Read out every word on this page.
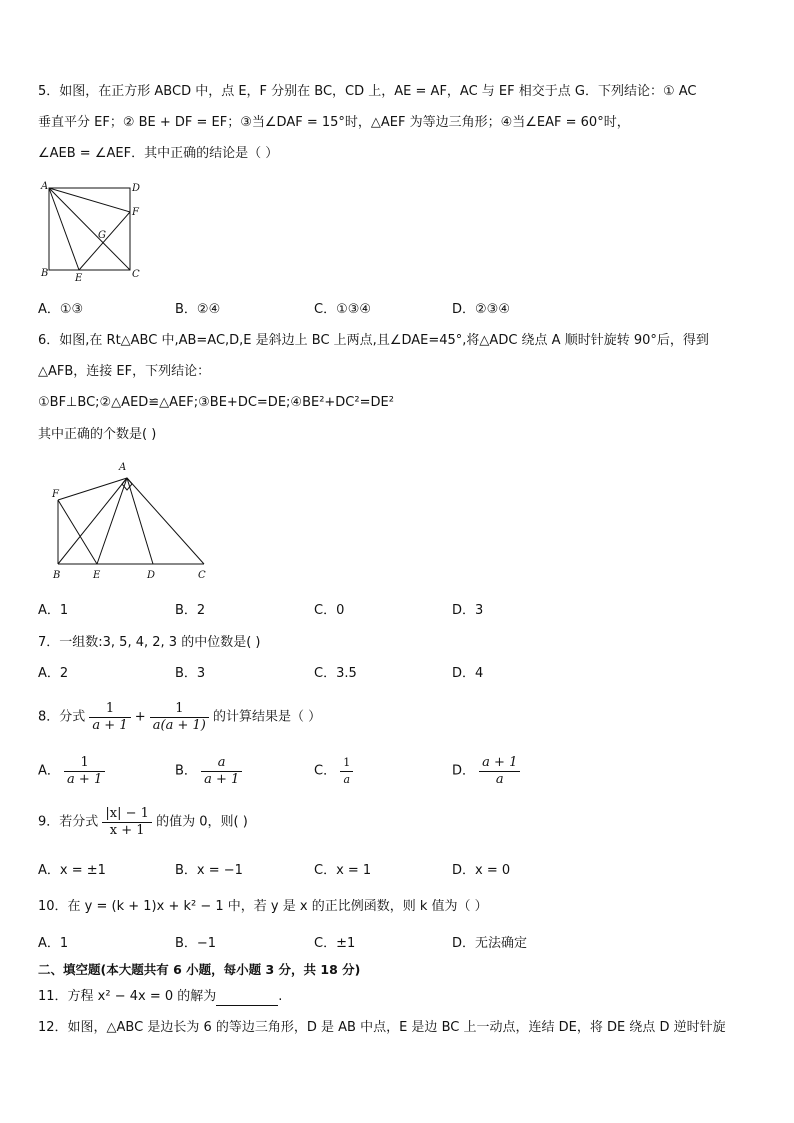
5．如图，在正方形 ABCD 中，点 E，F 分别在 BC，CD 上，AE = AF，AC 与 EF 相交于点 G．下列结论：① AC
垂直平分 EF；② BE + DF = EF；③当∠DAF = 15°时，△AEF 为等边三角形；④当∠EAF = 60°时，
∠AEB = ∠AEF．其中正确的结论是（ ）
A	D
F
G
B	E	C
A．①③	B．②④	C．①③④	D．②③④
6．如图,在 Rt△ABC 中,AB=AC,D,E 是斜边上 BC 上两点,且∠DAE=45°,将△ADC 绕点 A 顺时针旋转 90°后，得到
△AFB，连接 EF，下列结论：
①BF⊥BC;②△AED≌△AEF;③BE+DC=DE;④BE²+DC²=DE²
其中正确的个数是( )
A
F
B	E	D	C
A．1	B．2	C．0	D．3
7．一组数:3, 5, 4, 2, 3 的中位数是( )
A．2	B．3	C．3.5	D．4
8．分式 $\frac{1}{a + 1} + \frac{1}{a(a + 1)}$ 的计算结果是（ ）
A． $\frac{1}{a + 1}$	B． $\frac{a}{a + 1}$	C． $\frac{1}{a}$	D． $\frac{a + 1}{a}$
9．若分式 $\frac{|x| - 1}{x + 1}$ 的值为 0，则( )
A．x = ±1	B．x = −1	C．x = 1	D．x = 0
10．在 y = (k + 1)x + k² − 1 中，若 y 是 x 的正比例函数，则 k 值为（ ）
A．1	B．−1	C．±1	D．无法确定
二、填空题(本大题共有 6 小题，每小题 3 分，共 18 分)
11．方程 x² − 4x = 0 的解为	.
12．如图，△ABC 是边长为 6 的等边三角形，D 是 AB 中点，E 是边 BC 上一动点，连结 DE，将 DE 绕点 D 逆时针旋
